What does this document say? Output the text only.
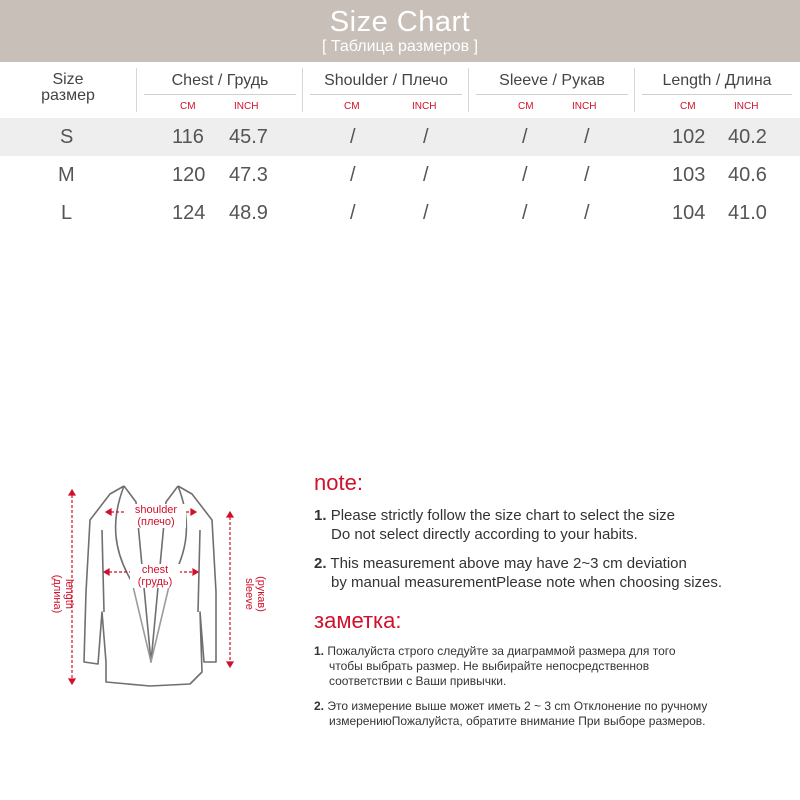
Size Chart
[ Таблица размеров ]
Size
размер
Chest / Грудь
CM	INCH
Shoulder / Плечо
CM	INCH
Sleeve / Рукав
CM	INCH
Length / Длина
CM	INCH
S	116 45.7	/	/	/	/	102 40.2
M	120 47.3	/	/	/	/	103 40.6
L	124 48.9	/	/	/	/	104 41.0
shoulder
(плечо)
chest
(грудь)
length
(длина)	(рукав)
sleeve
note:
1. Please strictly follow the size chart to select the size
Do not select directly according to your habits.
2. This measurement above may have 2~3 cm deviation
by manual measurementPlease note when choosing sizes.
заметка:
1. Пожалуйста строго следуйте за диаграммой размера для того
чтобы выбрать размер. Не выбирайте непосредственнов
соответствии с Ваши привычки.
2. Это измерение выше может иметь 2 ~ 3 cm Отклонение по ручному
измерениюПожалуйста, обратите внимание При выборе размеров.
